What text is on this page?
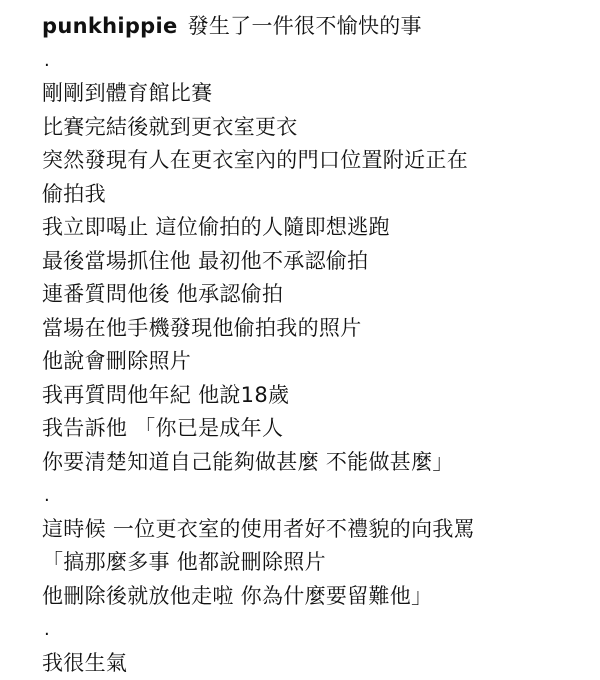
punkhippie 發生了一件很不愉快的事
.
剛剛到體育館比賽
比賽完結後就到更衣室更衣
突然發現有人在更衣室內的門口位置附近正在
偷拍我
我立即喝止 這位偷拍的人隨即想逃跑
最後當場抓住他 最初他不承認偷拍
連番質問他後 他承認偷拍
當場在他手機發現他偷拍我的照片
他說會刪除照片
我再質問他年紀 他說18歲
我告訴他 「你已是成年人
你要清楚知道自己能夠做甚麼 不能做甚麼」
.
這時候 一位更衣室的使用者好不禮貌的向我罵
「搞那麼多事 他都說刪除照片
他刪除後就放他走啦 你為什麼要留難他」
.
我很生氣
